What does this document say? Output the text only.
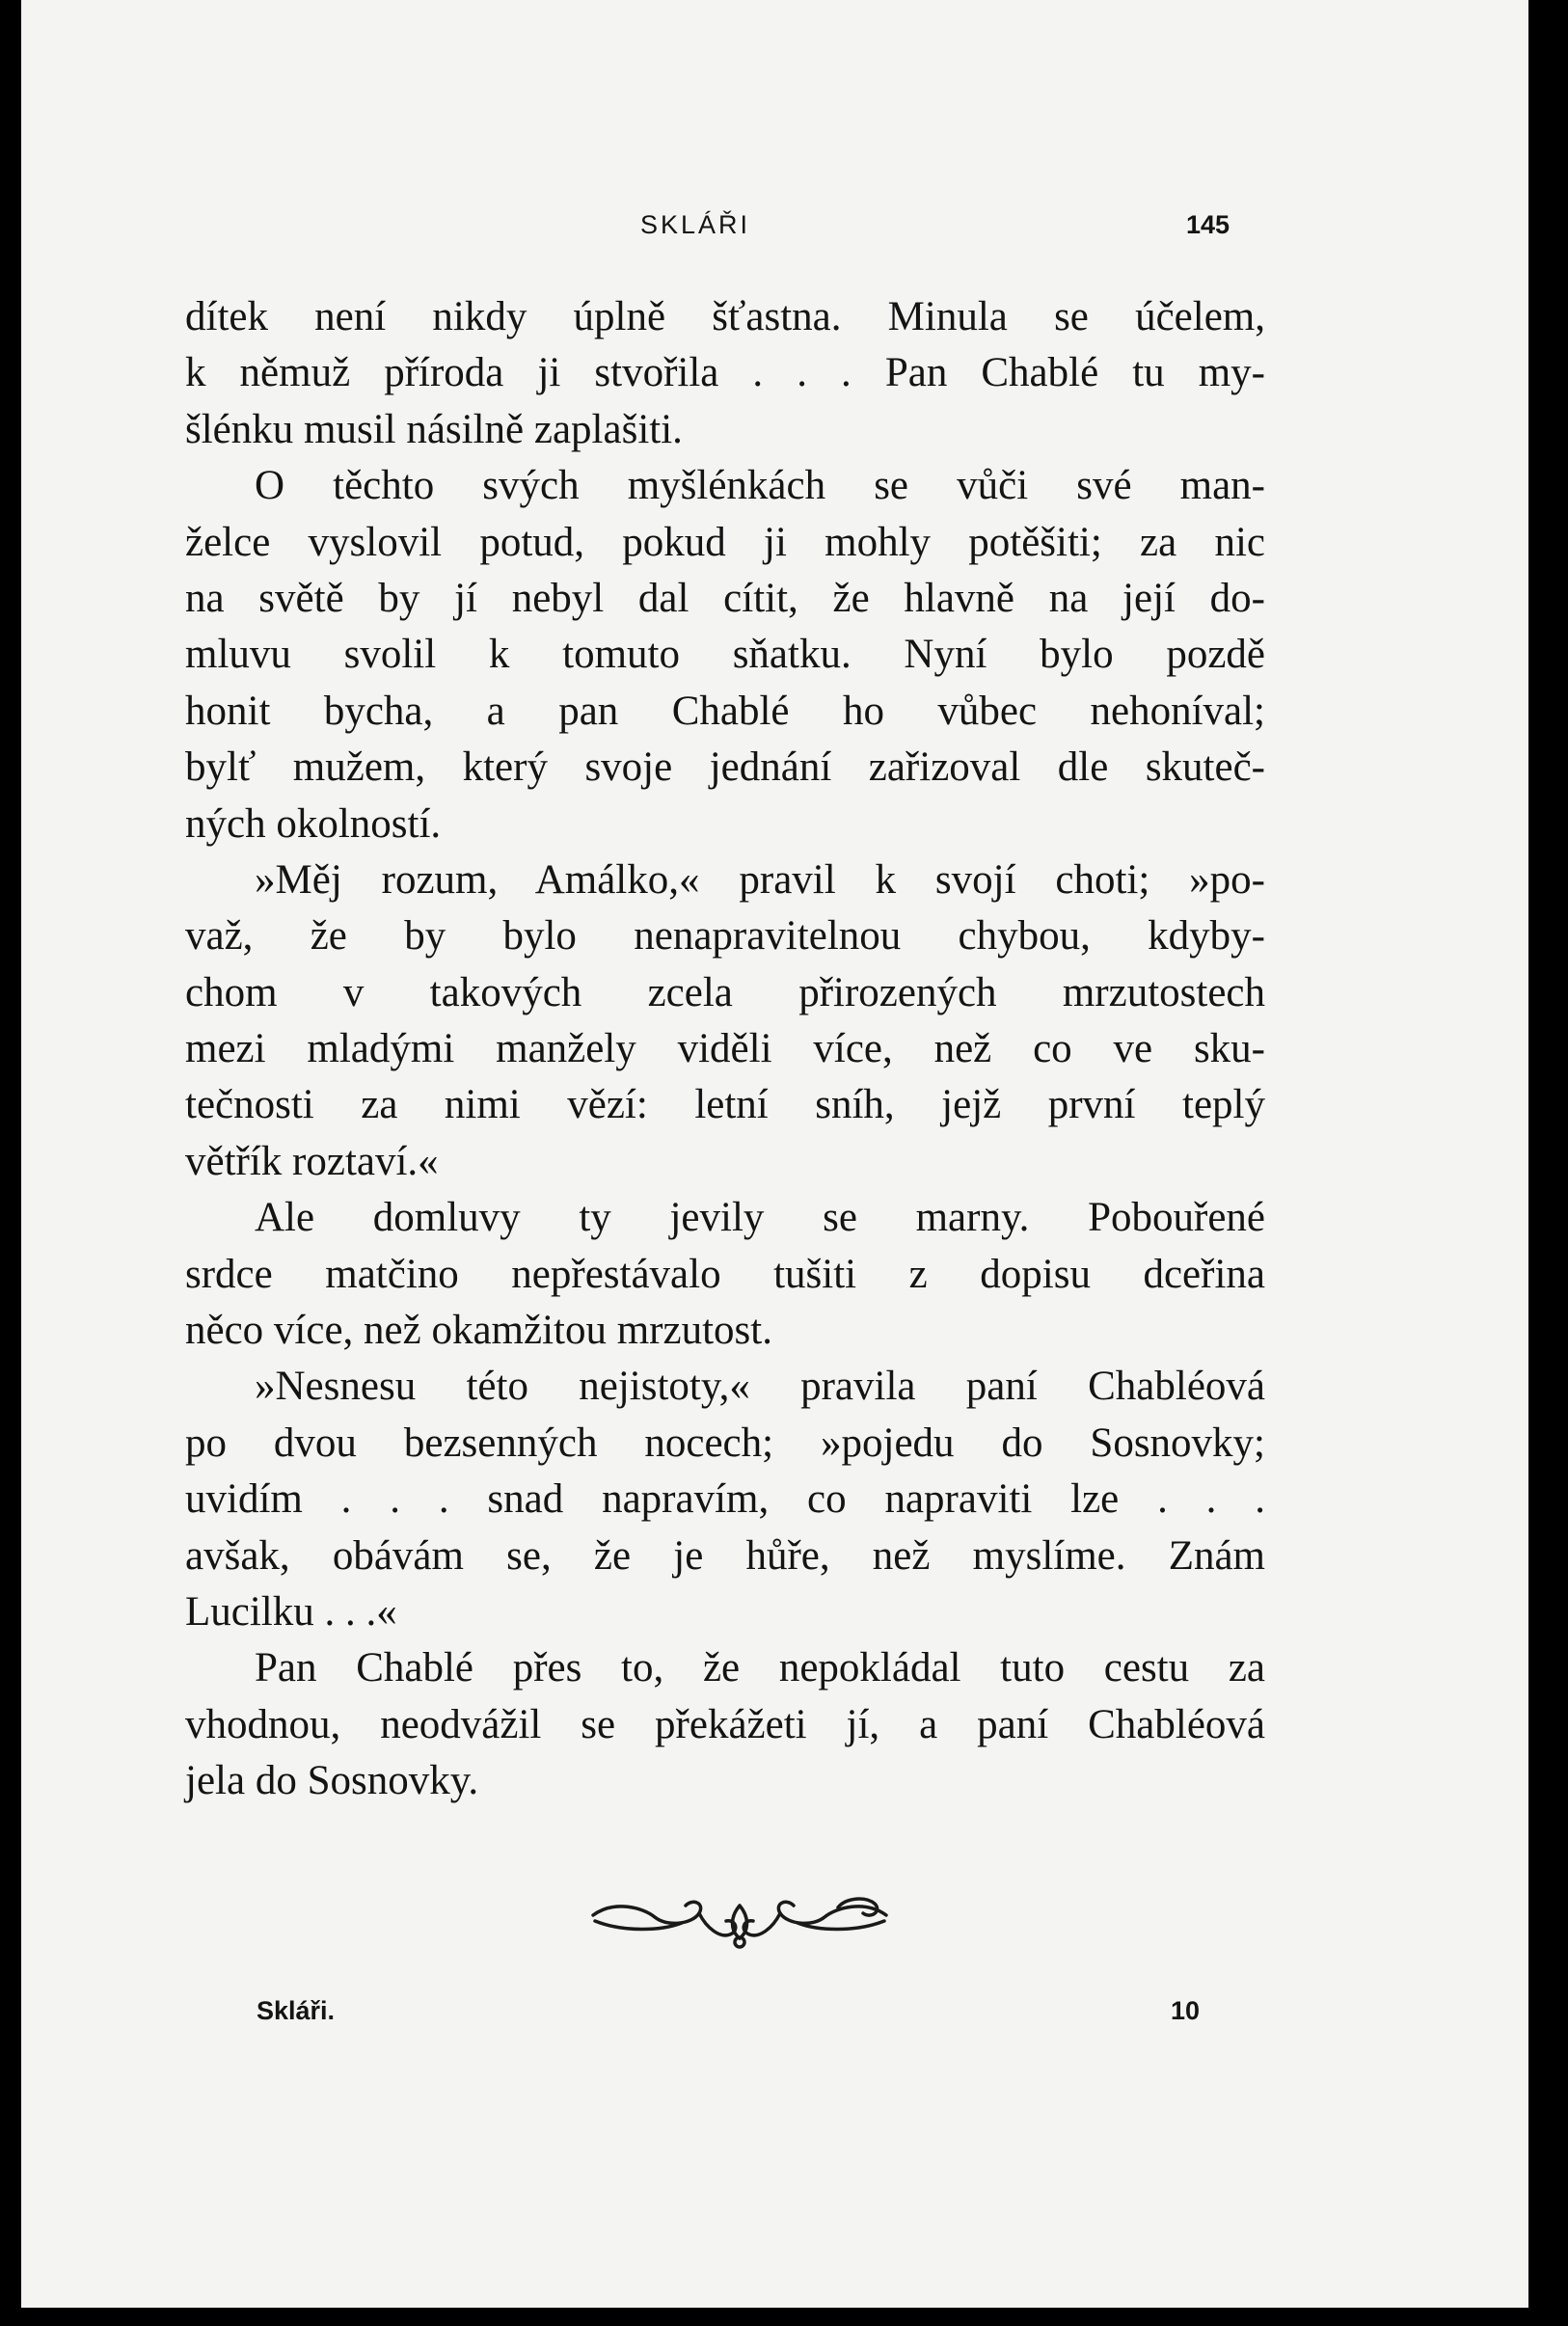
SKLÁŘI	145
dítek není nikdy úplně šťastna. Minula se účelem,
k němuž příroda ji stvořila . . . Pan Chablé tu my-
šlénku musil násilně zaplašiti.
O těchto svých myšlénkách se vůči své man-
želce vyslovil potud, pokud ji mohly potěšiti; za nic
na světě by jí nebyl dal cítit, že hlavně na její do-
mluvu svolil k tomuto sňatku. Nyní bylo pozdě
honit bycha, a pan Chablé ho vůbec nehoníval;
bylť mužem, který svoje jednání zařizoval dle skuteč-
ných okolností.
»Měj rozum, Amálko,« pravil k svojí choti; »po-
važ, že by bylo nenapravitelnou chybou, kdyby-
chom v takových zcela přirozených mrzutostech
mezi mladými manžely viděli více, než co ve sku-
tečnosti za nimi vězí: letní sníh, jejž první teplý
větřík roztaví.«
Ale domluvy ty jevily se marny. Pobouřené
srdce matčino nepřestávalo tušiti z dopisu dceřina
něco více, než okamžitou mrzutost.
»Nesnesu této nejistoty,« pravila paní Chabléová
po dvou bezsenných nocech; »pojedu do Sosnovky;
uvidím . . . snad napravím, co napraviti lze . . .
avšak, obávám se, že je hůře, než myslíme. Znám
Lucilku . . .«
Pan Chablé přes to, že nepokládal tuto cestu za
vhodnou, neodvážil se překážeti jí, a paní Chabléová
jela do Sosnovky.
Skláři.	10
